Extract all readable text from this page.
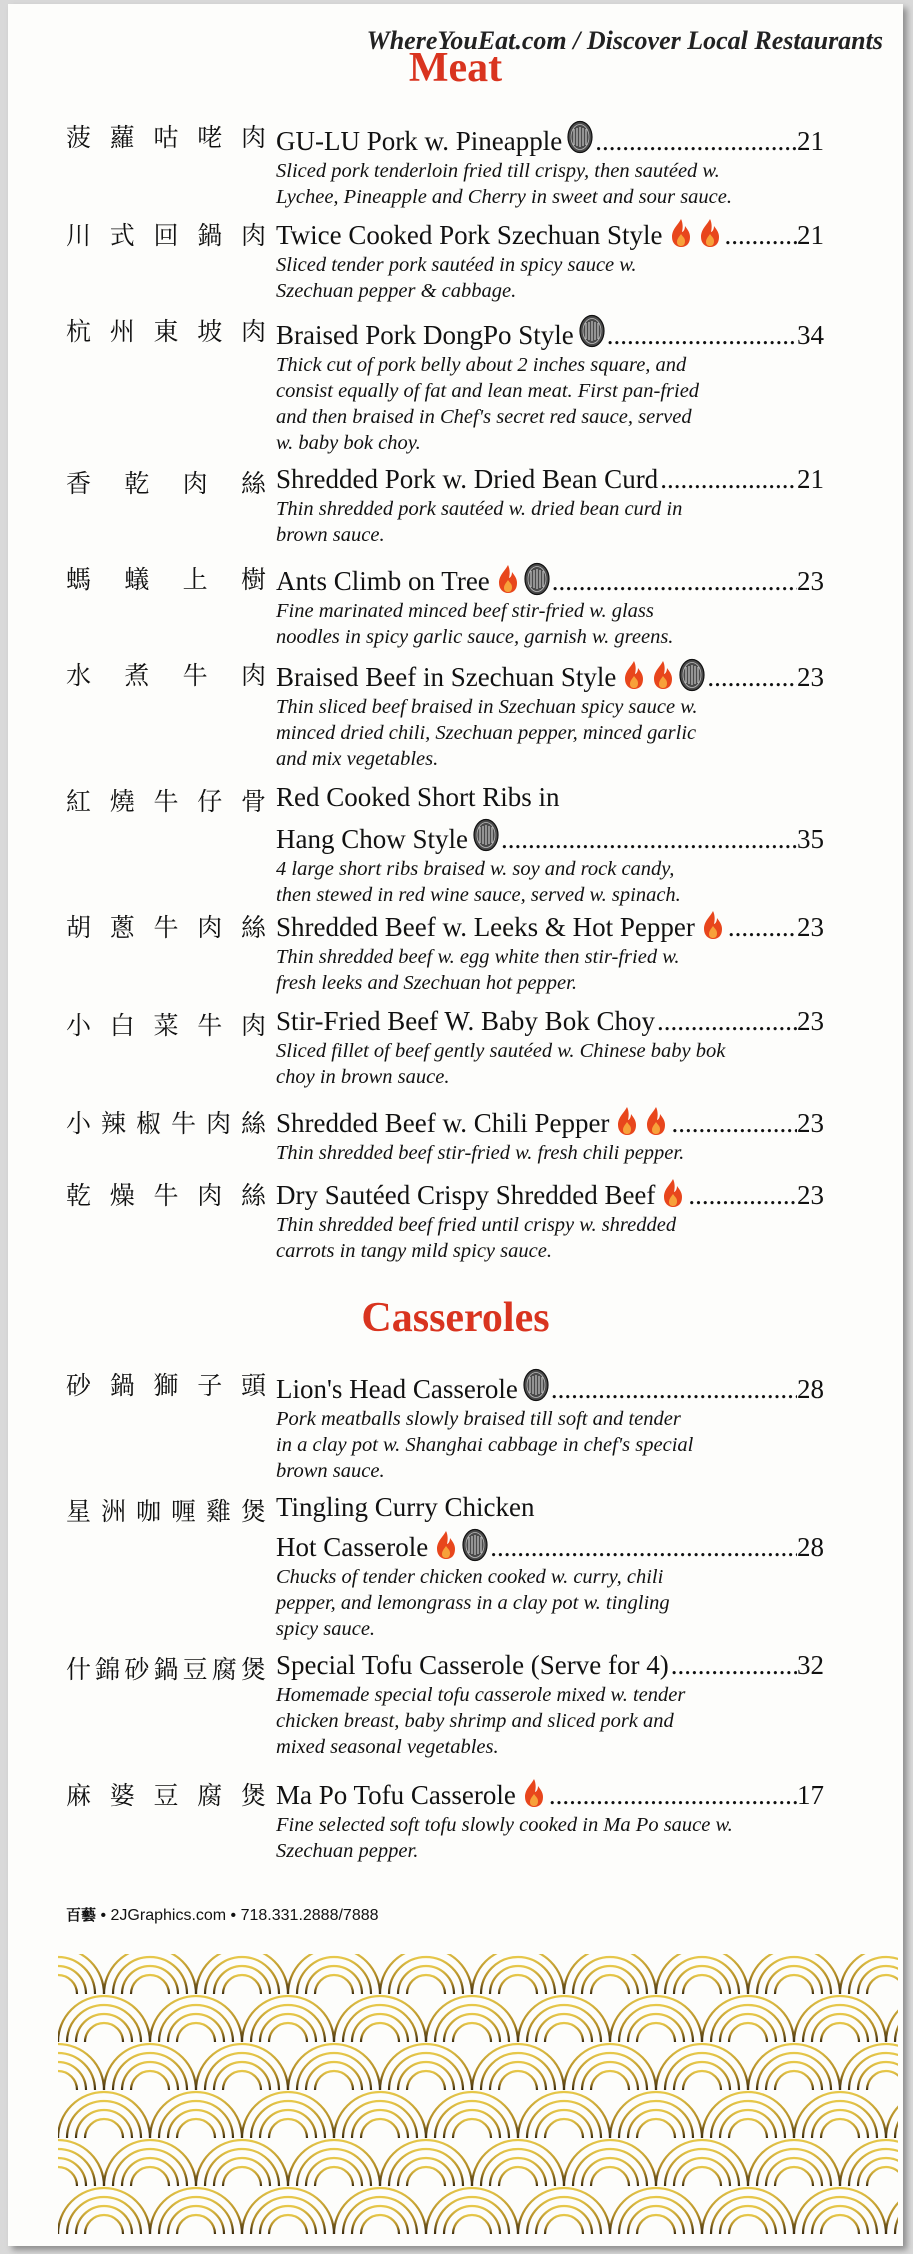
WhereYouEat.com / Discover Local Restaurants
Meat
菠蘿咕咾肉 GU-LU Pork w. Pineapple .....	21
Sliced pork tenderloin fried till crispy, then sautéed w.
Lychee, Pineapple and Cherry in sweet and sour sauce.
川式回鍋肉 Twice Cooked Pork Szechuan Style .....	21
Sliced tender pork sautéed in spicy sauce w.
Szechuan pepper & cabbage.
杭州東坡肉 Braised Pork DongPo Style .....	34
Thick cut of pork belly about 2 inches square, and
consist equally of fat and lean meat. First pan-fried
and then braised in Chef's secret red sauce, served
w. baby bok choy.
香乾肉絲 Shredded Pork w. Dried Bean Curd .....	21
Thin shredded pork sautéed w. dried bean curd in
brown sauce.
螞蟻上樹 Ants Climb on Tree .....	23
Fine marinated minced beef stir-fried w. glass
noodles in spicy garlic sauce, garnish w. greens.
水煮牛肉 Braised Beef in Szechuan Style .....	23
Thin sliced beef braised in Szechuan spicy sauce w.
minced dried chili, Szechuan pepper, minced garlic
and mix vegetables.
紅燒牛仔骨 Red Cooked Short Ribs in
Hang Chow Style .....	35
4 large short ribs braised w. soy and rock candy,
then stewed in red wine sauce, served w. spinach.
胡蔥牛肉絲 Shredded Beef w. Leeks & Hot Pepper .....	23
Thin shredded beef w. egg white then stir-fried w.
fresh leeks and Szechuan hot pepper.
小白菜牛肉 Stir-Fried Beef W. Baby Bok Choy .....	23
Sliced fillet of beef gently sautéed w. Chinese baby bok
choy in brown sauce.
小辣椒牛肉絲 Shredded Beef w. Chili Pepper .....	23
Thin shredded beef stir-fried w. fresh chili pepper.
乾燥牛肉絲 Dry Sautéed Crispy Shredded Beef .....	23
Thin shredded beef fried until crispy w. shredded
carrots in tangy mild spicy sauce.
Casseroles
砂鍋獅子頭 Lion's Head Casserole .....	28
Pork meatballs slowly braised till soft and tender
in a clay pot w. Shanghai cabbage in chef's special
brown sauce.
星洲咖喱雞煲 Tingling Curry Chicken
Hot Casserole .....	28
Chucks of tender chicken cooked w. curry, chili
pepper, and lemongrass in a clay pot w. tingling
spicy sauce.
什錦砂鍋豆腐煲 Special Tofu Casserole (Serve for 4) .....	32
Homemade special tofu casserole mixed w. tender
chicken breast, baby shrimp and sliced pork and
mixed seasonal vegetables.
麻婆豆腐煲 Ma Po Tofu Casserole .....	17
Fine selected soft tofu slowly cooked in Ma Po sauce w.
Szechuan pepper.
百藝 • 2JGraphics.com • 718.331.2888/7888
